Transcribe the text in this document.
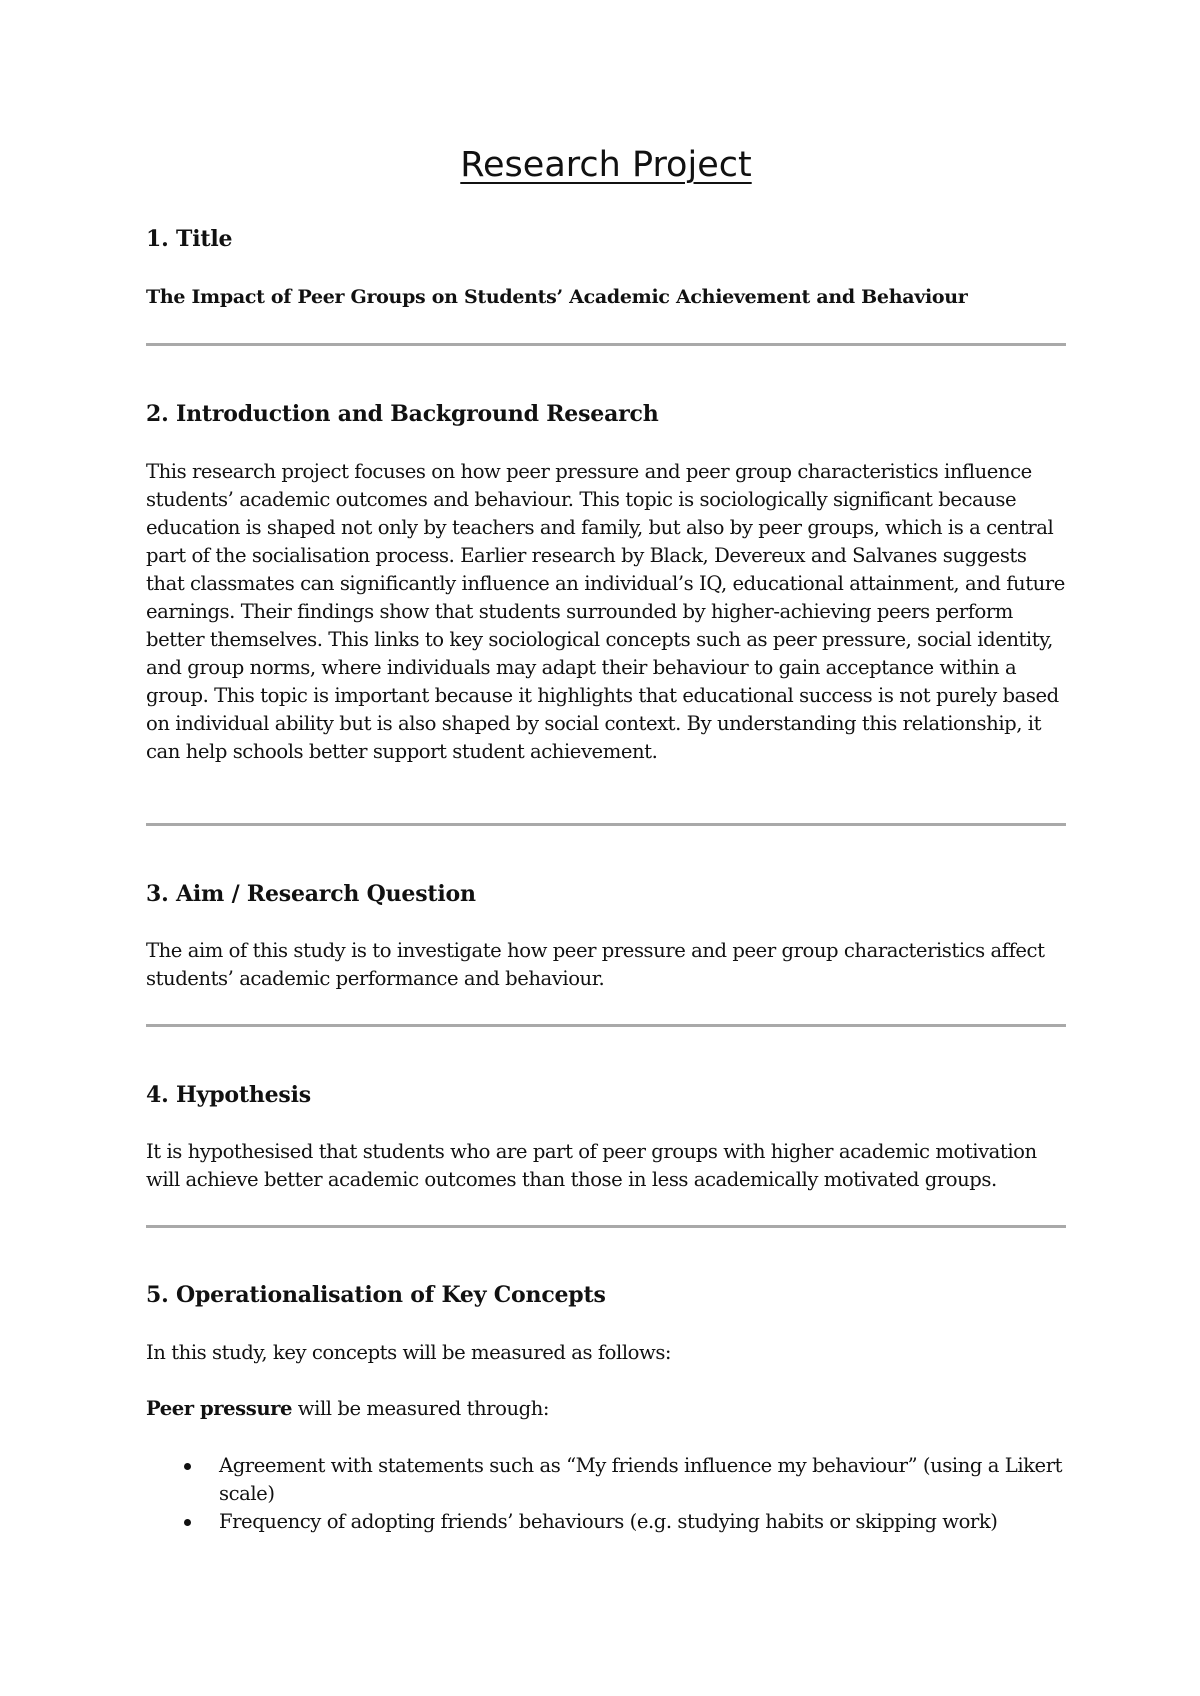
Research Project
1. Title

The Impact of Peer Groups on Students’ Academic Achievement and Behaviour

2. Introduction and Background Research

This research project focuses on how peer pressure and peer group characteristics influence students’ academic outcomes and behaviour. This topic is sociologically significant because education is shaped not only by teachers and family, but also by peer groups, which is a central part of the socialisation process. Earlier research by Black, Devereux and Salvanes suggests that classmates can significantly influence an individual’s IQ, educational attainment, and future earnings. Their findings show that students surrounded by higher-achieving peers perform better themselves. This links to key sociological concepts such as peer pressure, social identity, and group norms, where individuals may adapt their behaviour to gain acceptance within a group. This topic is important because it highlights that educational success is not purely based on individual ability but is also shaped by social context. By understanding this relationship, it can help schools better support student achievement.

3. Aim / Research Question

The aim of this study is to investigate how peer pressure and peer group characteristics affect students’ academic performance and behaviour.

4. Hypothesis

It is hypothesised that students who are part of peer groups with higher academic motivation will achieve better academic outcomes than those in less academically motivated groups.

5. Operationalisation of Key Concepts

In this study, key concepts will be measured as follows:

Peer pressure will be measured through:

Agreement with statements such as “My friends influence my behaviour” (using a Likert scale)
Frequency of adopting friends’ behaviours (e.g. studying habits or skipping work)
